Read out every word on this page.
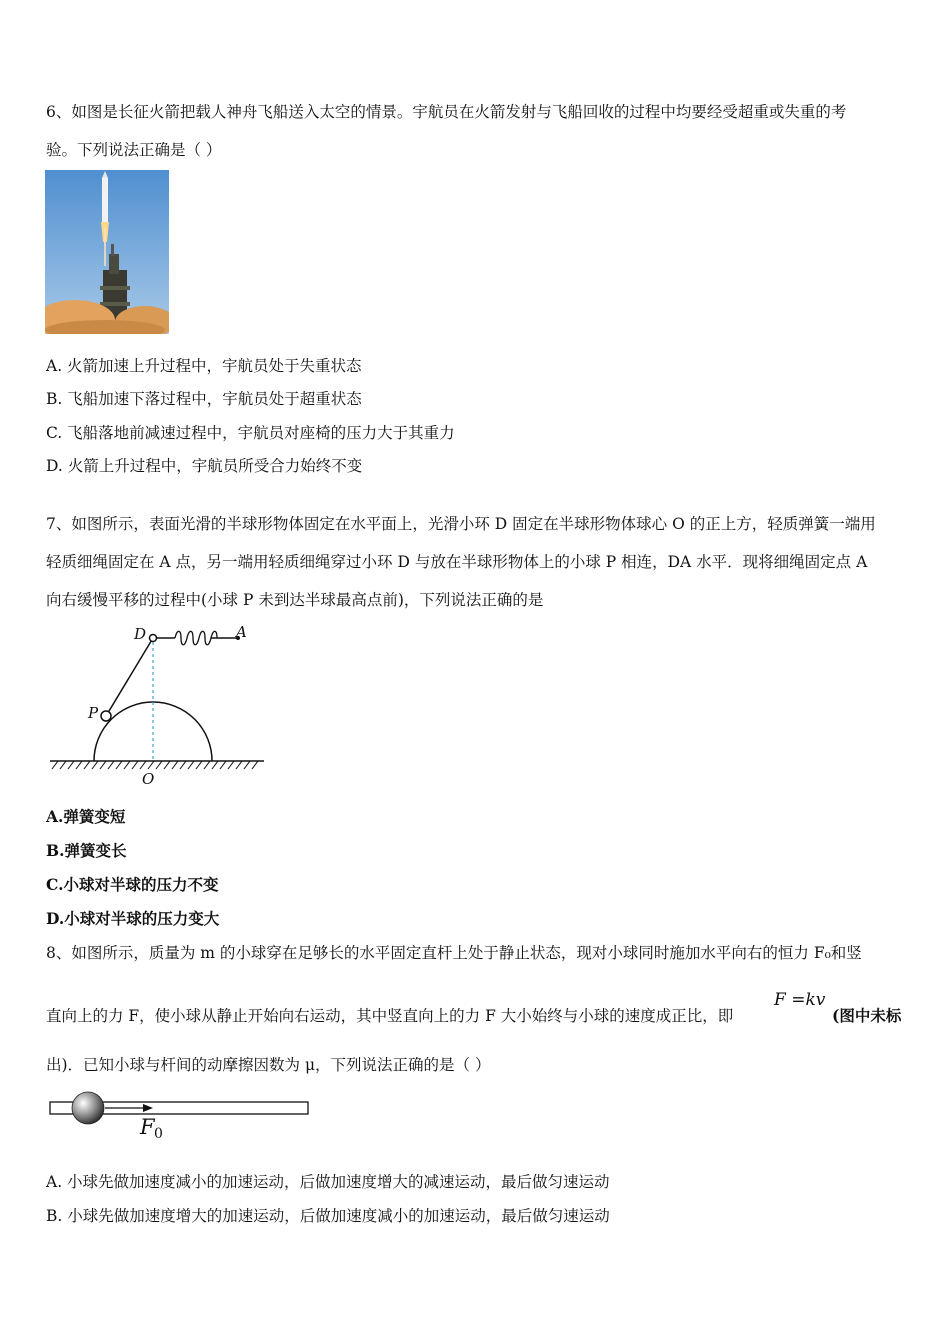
6、如图是长征火箭把载人神舟飞船送入太空的情景。宇航员在火箭发射与飞船回收的过程中均要经受超重或失重的考
验。下列说法正确是（ ）
A. 火箭加速上升过程中，宇航员处于失重状态
B. 飞船加速下落过程中，宇航员处于超重状态
C. 飞船落地前减速过程中，宇航员对座椅的压力大于其重力
D. 火箭上升过程中，宇航员所受合力始终不变
7、如图所示，表面光滑的半球形物体固定在水平面上，光滑小环 D 固定在半球形物体球心 O 的正上方，轻质弹簧一端用
轻质细绳固定在 A 点，另一端用轻质细绳穿过小环 D 与放在半球形物体上的小球 P 相连，DA 水平．现将细绳固定点 A
向右缓慢平移的过程中(小球 P 未到达半球最高点前)，下列说法正确的是
D	A
P
O
A.弹簧变短
B.弹簧变长
C.小球对半球的压力不变
D.小球对半球的压力变大
8、如图所示，质量为 m 的小球穿在足够长的水平固定直杆上处于静止状态，现对小球同时施加水平向右的恒力 F₀和竖
直向上的力 F，使小球从静止开始向右运动，其中竖直向上的力 F 大小始终与小球的速度成正比，即
F =kv
(图中未标
出)．已知小球与杆间的动摩擦因数为 μ，下列说法正确的是（ ）
F 0
A. 小球先做加速度减小的加速运动，后做加速度增大的减速运动，最后做匀速运动
B. 小球先做加速度增大的加速运动，后做加速度减小的加速运动，最后做匀速运动
